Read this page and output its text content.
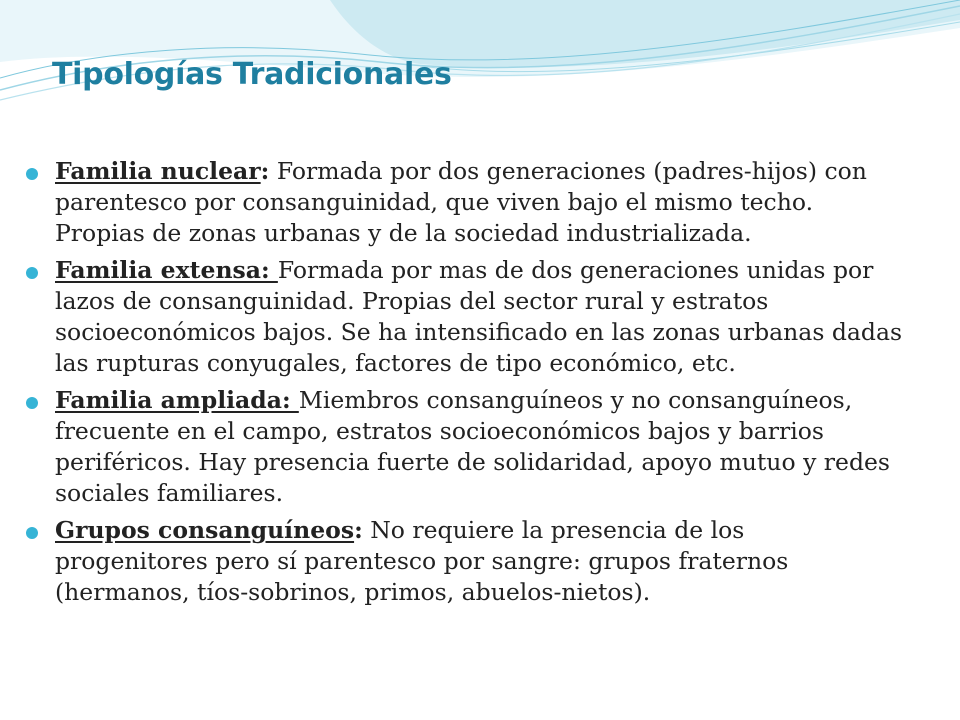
Tipologías Tradicionales
Familia nuclear: Formada por dos generaciones (padres-hijos) con parentesco por consanguinidad, que viven bajo el mismo techo. Propias de zonas urbanas y de la sociedad industrializada.
Familia extensa: Formada por mas de dos generaciones unidas por lazos de consanguinidad. Propias del sector rural y estratos socioeconómicos bajos. Se ha intensificado en las zonas urbanas dadas las rupturas conyugales, factores de tipo económico, etc.
Familia ampliada: Miembros consanguíneos y no consanguíneos, frecuente en el campo, estratos socioeconómicos bajos y barrios periféricos. Hay presencia fuerte de solidaridad, apoyo mutuo y redes sociales familiares.
Grupos consanguíneos: No requiere la presencia de los progenitores pero sí parentesco por sangre: grupos fraternos (hermanos, tíos-sobrinos, primos, abuelos-nietos).
